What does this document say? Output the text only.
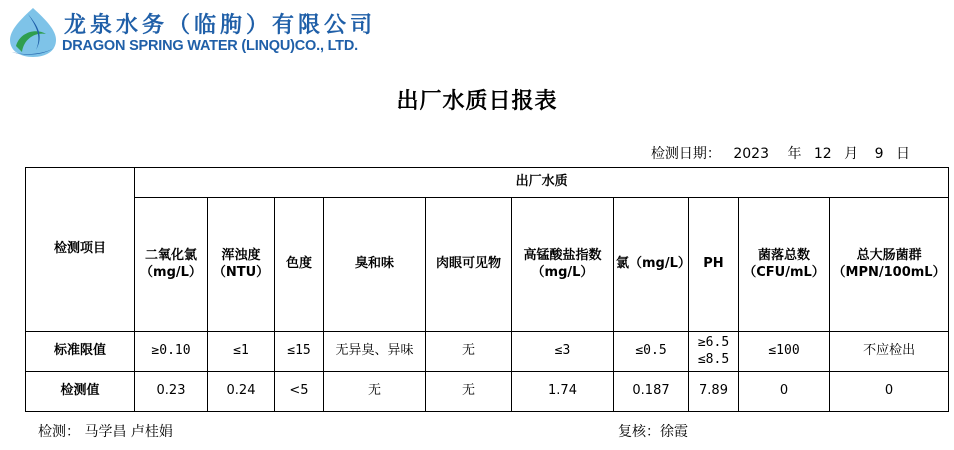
龙泉水务（临朐）有限公司
DRAGON SPRING WATER (LINQU)CO., LTD.
出厂水质日报表
检测日期： 2023 年 12 月 9 日
检测项目	出厂水质									
	二氧化氯（mg/L）	浑浊度（NTU）	色度	臭和味	肉眼可见物	高锰酸盐指数（mg/L）	氯（mg/L）	PH	菌落总数（CFU/mL）	总大肠菌群（MPN/100mL）
标准限值	≥0.10	≤1	≤15	无异臭、异味	无	≤3	≤0.5	≥6.5 ≤8.5	≤100	不应检出
检测值	0.23	0.24	<5	无	无	1.74	0.187	7.89	0	0
检测： 马学昌 卢桂娟	复核：徐霞
